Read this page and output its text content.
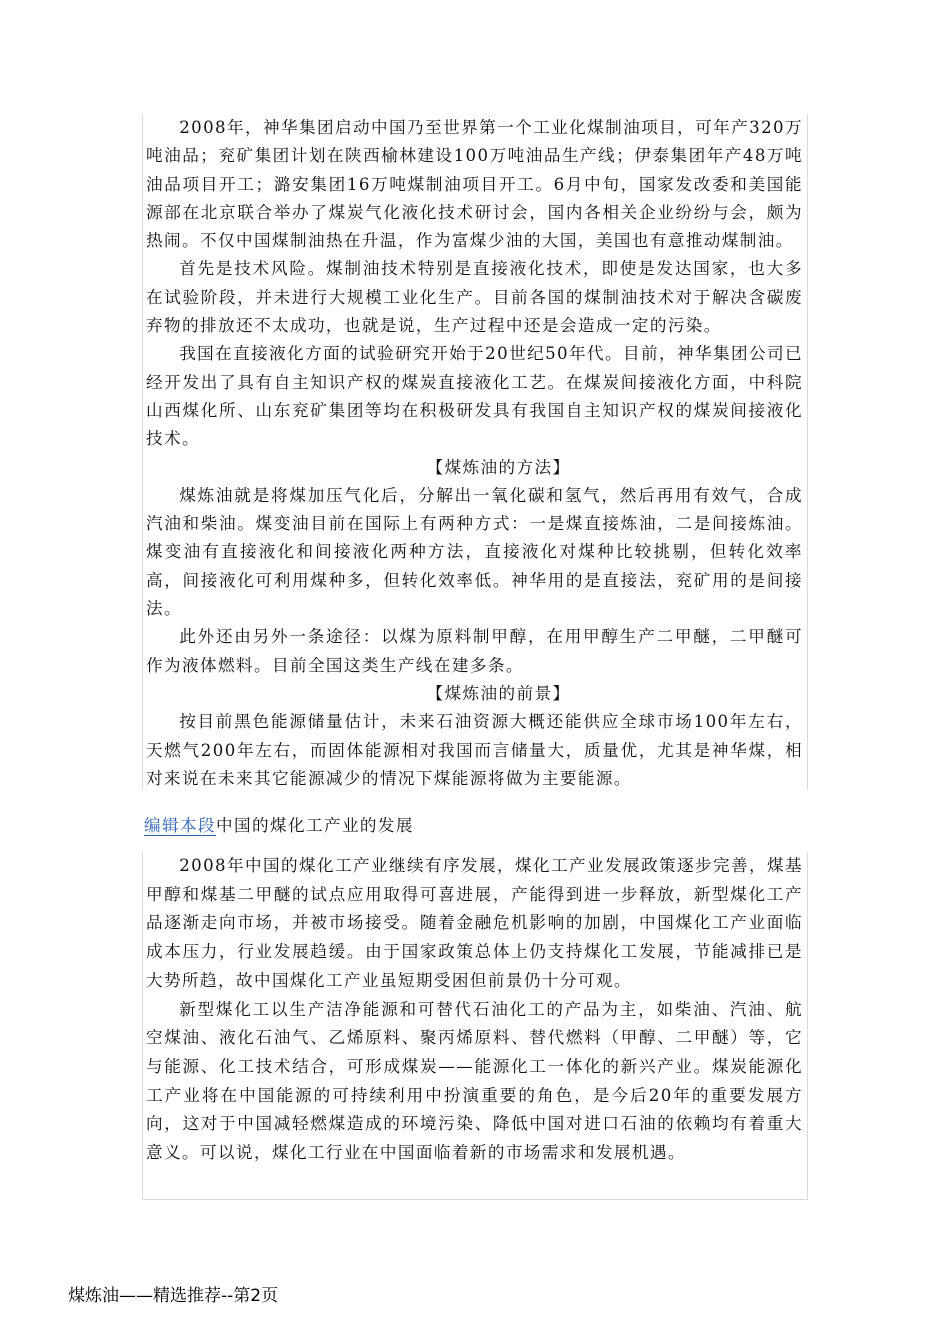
2008年，神华集团启动中国乃至世界第一个工业化煤制油项目，可年产320万吨油品；兖矿集团计划在陕西榆林建设100万吨油品生产线；伊泰集团年产48万吨油品项目开工；潞安集团16万吨煤制油项目开工。6月中旬，国家发改委和美国能源部在北京联合举办了煤炭气化液化技术研讨会，国内各相关企业纷纷与会，颇为热闹。不仅中国煤制油热在升温，作为富煤少油的大国，美国也有意推动煤制油。

首先是技术风险。煤制油技术特别是直接液化技术，即使是发达国家，也大多在试验阶段，并未进行大规模工业化生产。目前各国的煤制油技术对于解决含碳废弃物的排放还不太成功，也就是说，生产过程中还是会造成一定的污染。

我国在直接液化方面的试验研究开始于20世纪50年代。目前，神华集团公司已经开发出了具有自主知识产权的煤炭直接液化工艺。在煤炭间接液化方面，中科院山西煤化所、山东兖矿集团等均在积极研发具有我国自主知识产权的煤炭间接液化技术。

【煤炼油的方法】

煤炼油就是将煤加压气化后，分解出一氧化碳和氢气，然后再用有效气，合成汽油和柴油。煤变油目前在国际上有两种方式：一是煤直接炼油，二是间接炼油。煤变油有直接液化和间接液化两种方法，直接液化对煤种比较挑剔，但转化效率高，间接液化可利用煤种多，但转化效率低。神华用的是直接法，兖矿用的是间接法。

此外还由另外一条途径：以煤为原料制甲醇，在用甲醇生产二甲醚，二甲醚可作为液体燃料。目前全国这类生产线在建多条。

【煤炼油的前景】

按目前黑色能源储量估计，未来石油资源大概还能供应全球市场100年左右，天燃气200年左右，而固体能源相对我国而言储量大，质量优，尤其是神华煤，相对来说在未来其它能源减少的情况下煤能源将做为主要能源。

编辑本段中国的煤化工产业的发展

2008年中国的煤化工产业继续有序发展，煤化工产业发展政策逐步完善，煤基甲醇和煤基二甲醚的试点应用取得可喜进展，产能得到进一步释放，新型煤化工产品逐渐走向市场，并被市场接受。随着金融危机影响的加剧，中国煤化工产业面临成本压力，行业发展趋缓。由于国家政策总体上仍支持煤化工发展，节能减排已是大势所趋，故中国煤化工产业虽短期受困但前景仍十分可观。

新型煤化工以生产洁净能源和可替代石油化工的产品为主，如柴油、汽油、航空煤油、液化石油气、乙烯原料、聚丙烯原料、替代燃料（甲醇、二甲醚）等，它与能源、化工技术结合，可形成煤炭——能源化工一体化的新兴产业。煤炭能源化工产业将在中国能源的可持续利用中扮演重要的角色，是今后20年的重要发展方向，这对于中国减轻燃煤造成的环境污染、降低中国对进口石油的依赖均有着重大意义。可以说，煤化工行业在中国面临着新的市场需求和发展机遇。

煤炼油——精选推荐--第2页
